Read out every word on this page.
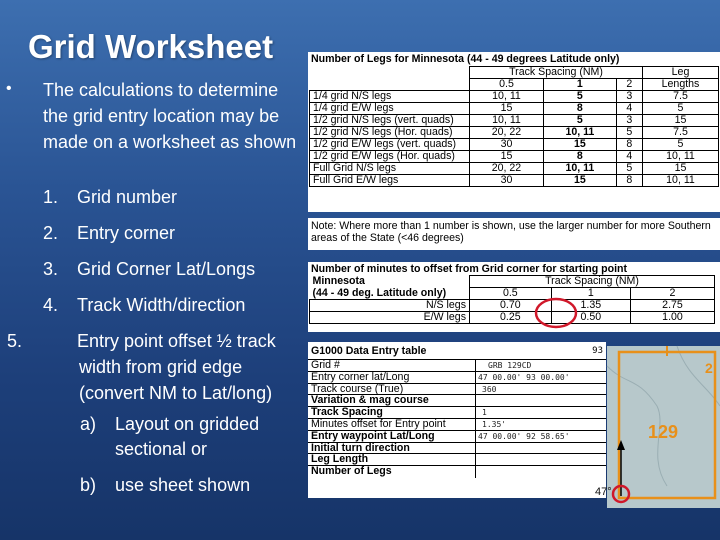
Grid Worksheet
• The calculations to determine the grid entry location may be made on a worksheet as shown
1. Grid number
2. Entry corner
3. Grid Corner Lat/Longs
4. Track Width/direction
5.	Entry point offset ½ track width from grid edge (convert NM to Lat/long)
a) Layout on gridded sectional or
b) use sheet shown
Number of Legs for Minnesota (44 - 49 degrees Latitude only)
	Track Spacing (NM)			Leg
	0.5	1	2	Lengths
1/4 grid N/S legs	10, 11	5	3	7.5
1/4 grid E/W legs	15	8	4	5
1/2 grid N/S legs (vert. quads)	10, 11	5	3	15
1/2 grid N/S legs (Hor. quads)	20, 22	10, 11	5	7.5
1/2 grid E/W legs (vert. quads)	30	15	8	5
1/2 grid E/W legs (Hor. quads)	15	8	4	10, 11
Full Grid N/S legs	20, 22	10, 11	5	15
Full Grid E/W legs	30	15	8	10, 11
Note: Where more than 1 number is shown, use the larger number for more Southern areas of the State (<46 degrees)
Number of minutes to offset from Grid corner for starting point
Minnesota	Track Spacing (NM)		
(44 - 49 deg. Latitude only)	0.5	1	2
N/S legs	0.70	1.35	2.75
E/W legs	0.25	0.50	1.00
G1000 Data Entry table	93
Grid #	GRB 129CD
Entry corner lat/Long	47 00.00' 93 00.00'
Track course (True)	360
Variation & mag course
Track Spacing	1
Minutes offset for Entry point	1.35'
Entry waypoint Lat/Long	47 00.00' 92 58.65'
Initial turn direction
Leg Length
Number of Legs
129
47°
2
